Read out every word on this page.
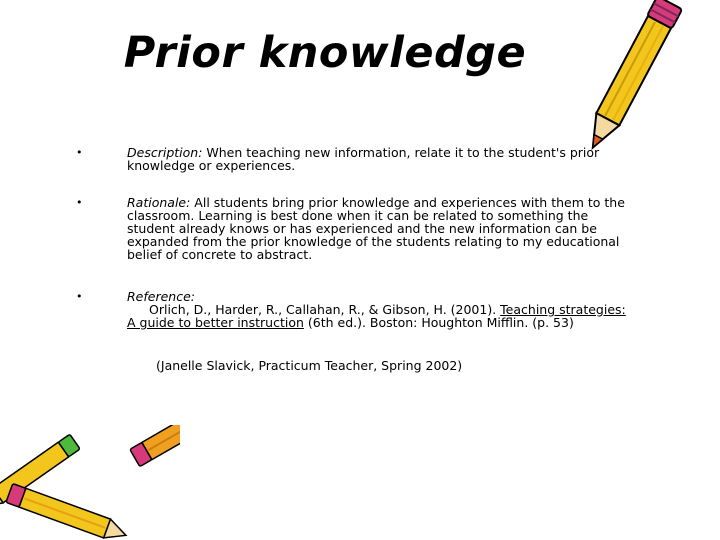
Prior knowledge
•	Description: When teaching new information, relate it to the student's prior knowledge or experiences.
•	Rationale: All students bring prior knowledge and experiences with them to the classroom. Learning is best done when it can be related to something the student already knows or has experienced and the new information can be expanded from the prior knowledge of the students relating to my educational belief of concrete to abstract.
•	Reference:
Orlich, D., Harder, R., Callahan, R., & Gibson, H. (2001). Teaching strategies: A guide to better instruction (6th ed.). Boston: Houghton Mifflin. (p. 53)
(Janelle Slavick, Practicum Teacher, Spring 2002)
